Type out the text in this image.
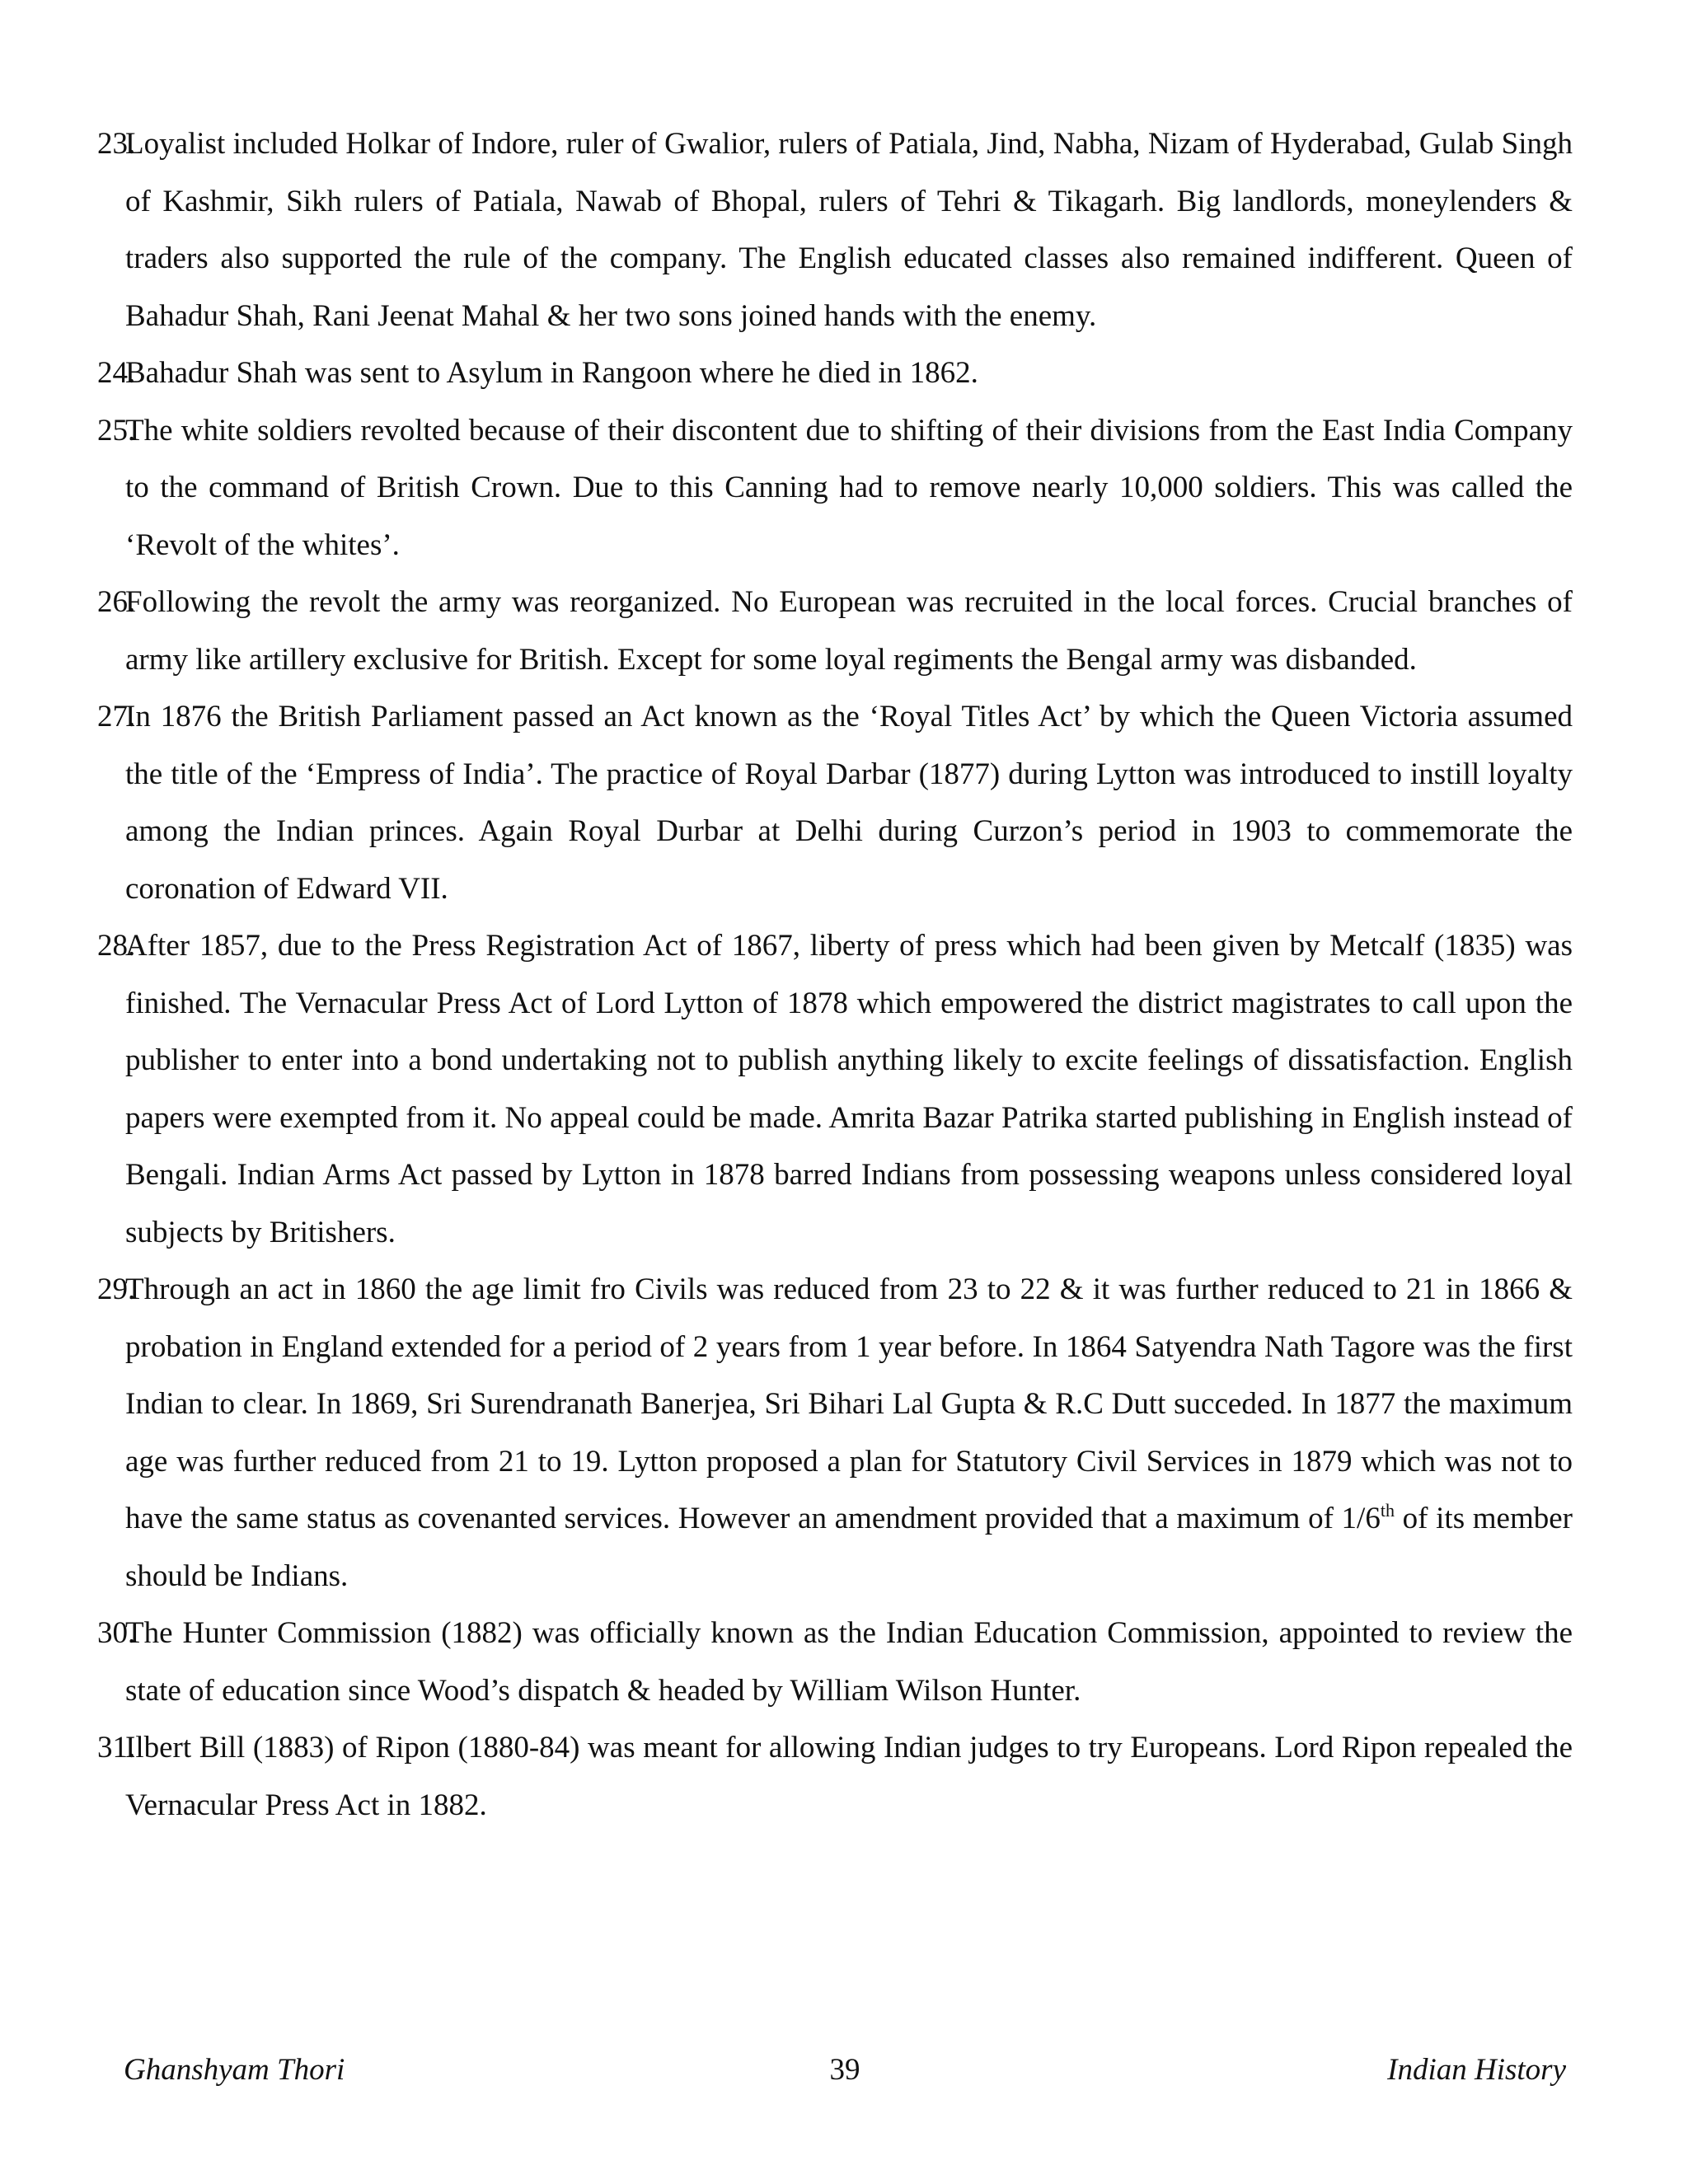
23.
Loyalist included Holkar of Indore, ruler of Gwalior, rulers of Patiala, Jind, Nabha, Nizam of Hyderabad, Gulab Singh of Kashmir, Sikh rulers of Patiala, Nawab of Bhopal, rulers of Tehri & Tikagarh. Big landlords, moneylenders & traders also supported the rule of the company. The English educated classes also remained indifferent. Queen of Bahadur Shah, Rani Jeenat Mahal & her two sons joined hands with the enemy.
24.
Bahadur Shah was sent to Asylum in Rangoon where he died in 1862.
25.
The white soldiers revolted because of their discontent due to shifting of their divisions from the East India Company to the command of British Crown. Due to this Canning had to remove nearly 10,000 soldiers. This was called the ‘Revolt of the whites’.
26.
Following the revolt the army was reorganized. No European was recruited in the local forces. Crucial branches of army like artillery exclusive for British. Except for some loyal regiments the Bengal army was disbanded.
27.
In 1876 the British Parliament passed an Act known as the ‘Royal Titles Act’ by which the Queen Victoria assumed the title of the ‘Empress of India’. The practice of Royal Darbar (1877) during Lytton was introduced to instill loyalty among the Indian princes. Again Royal Durbar at Delhi during Curzon’s period in 1903 to commemorate the coronation of Edward VII.
28.
After 1857, due to the Press Registration Act of 1867, liberty of press which had been given by Metcalf (1835) was finished. The Vernacular Press Act of Lord Lytton of 1878 which empowered the district magistrates to call upon the publisher to enter into a bond undertaking not to publish anything likely to excite feelings of dissatisfaction. English papers were exempted from it. No appeal could be made. Amrita Bazar Patrika started publishing in English instead of Bengali. Indian Arms Act passed by Lytton in 1878 barred Indians from possessing weapons unless considered loyal subjects by Britishers.
29.
Through an act in 1860 the age limit fro Civils was reduced from 23 to 22 & it was further reduced to 21 in 1866 & probation in England extended for a period of 2 years from 1 year before. In 1864 Satyendra Nath Tagore was the first Indian to clear. In 1869, Sri Surendranath Banerjea, Sri Bihari Lal Gupta & R.C Dutt succeded. In 1877 the maximum age was further reduced from 21 to 19. Lytton proposed a plan for Statutory Civil Services in 1879 which was not to have the same status as covenanted services. However an amendment provided that a maximum of 1/6th of its member should be Indians.
30.
The Hunter Commission (1882) was officially known as the Indian Education Commission, appointed to review the state of education since Wood’s dispatch & headed by William Wilson Hunter.
31.
Ilbert Bill (1883) of Ripon (1880-84) was meant for allowing Indian judges to try Europeans. Lord Ripon repealed the Vernacular Press Act in 1882.
Ghanshyam Thori	39	Indian History
